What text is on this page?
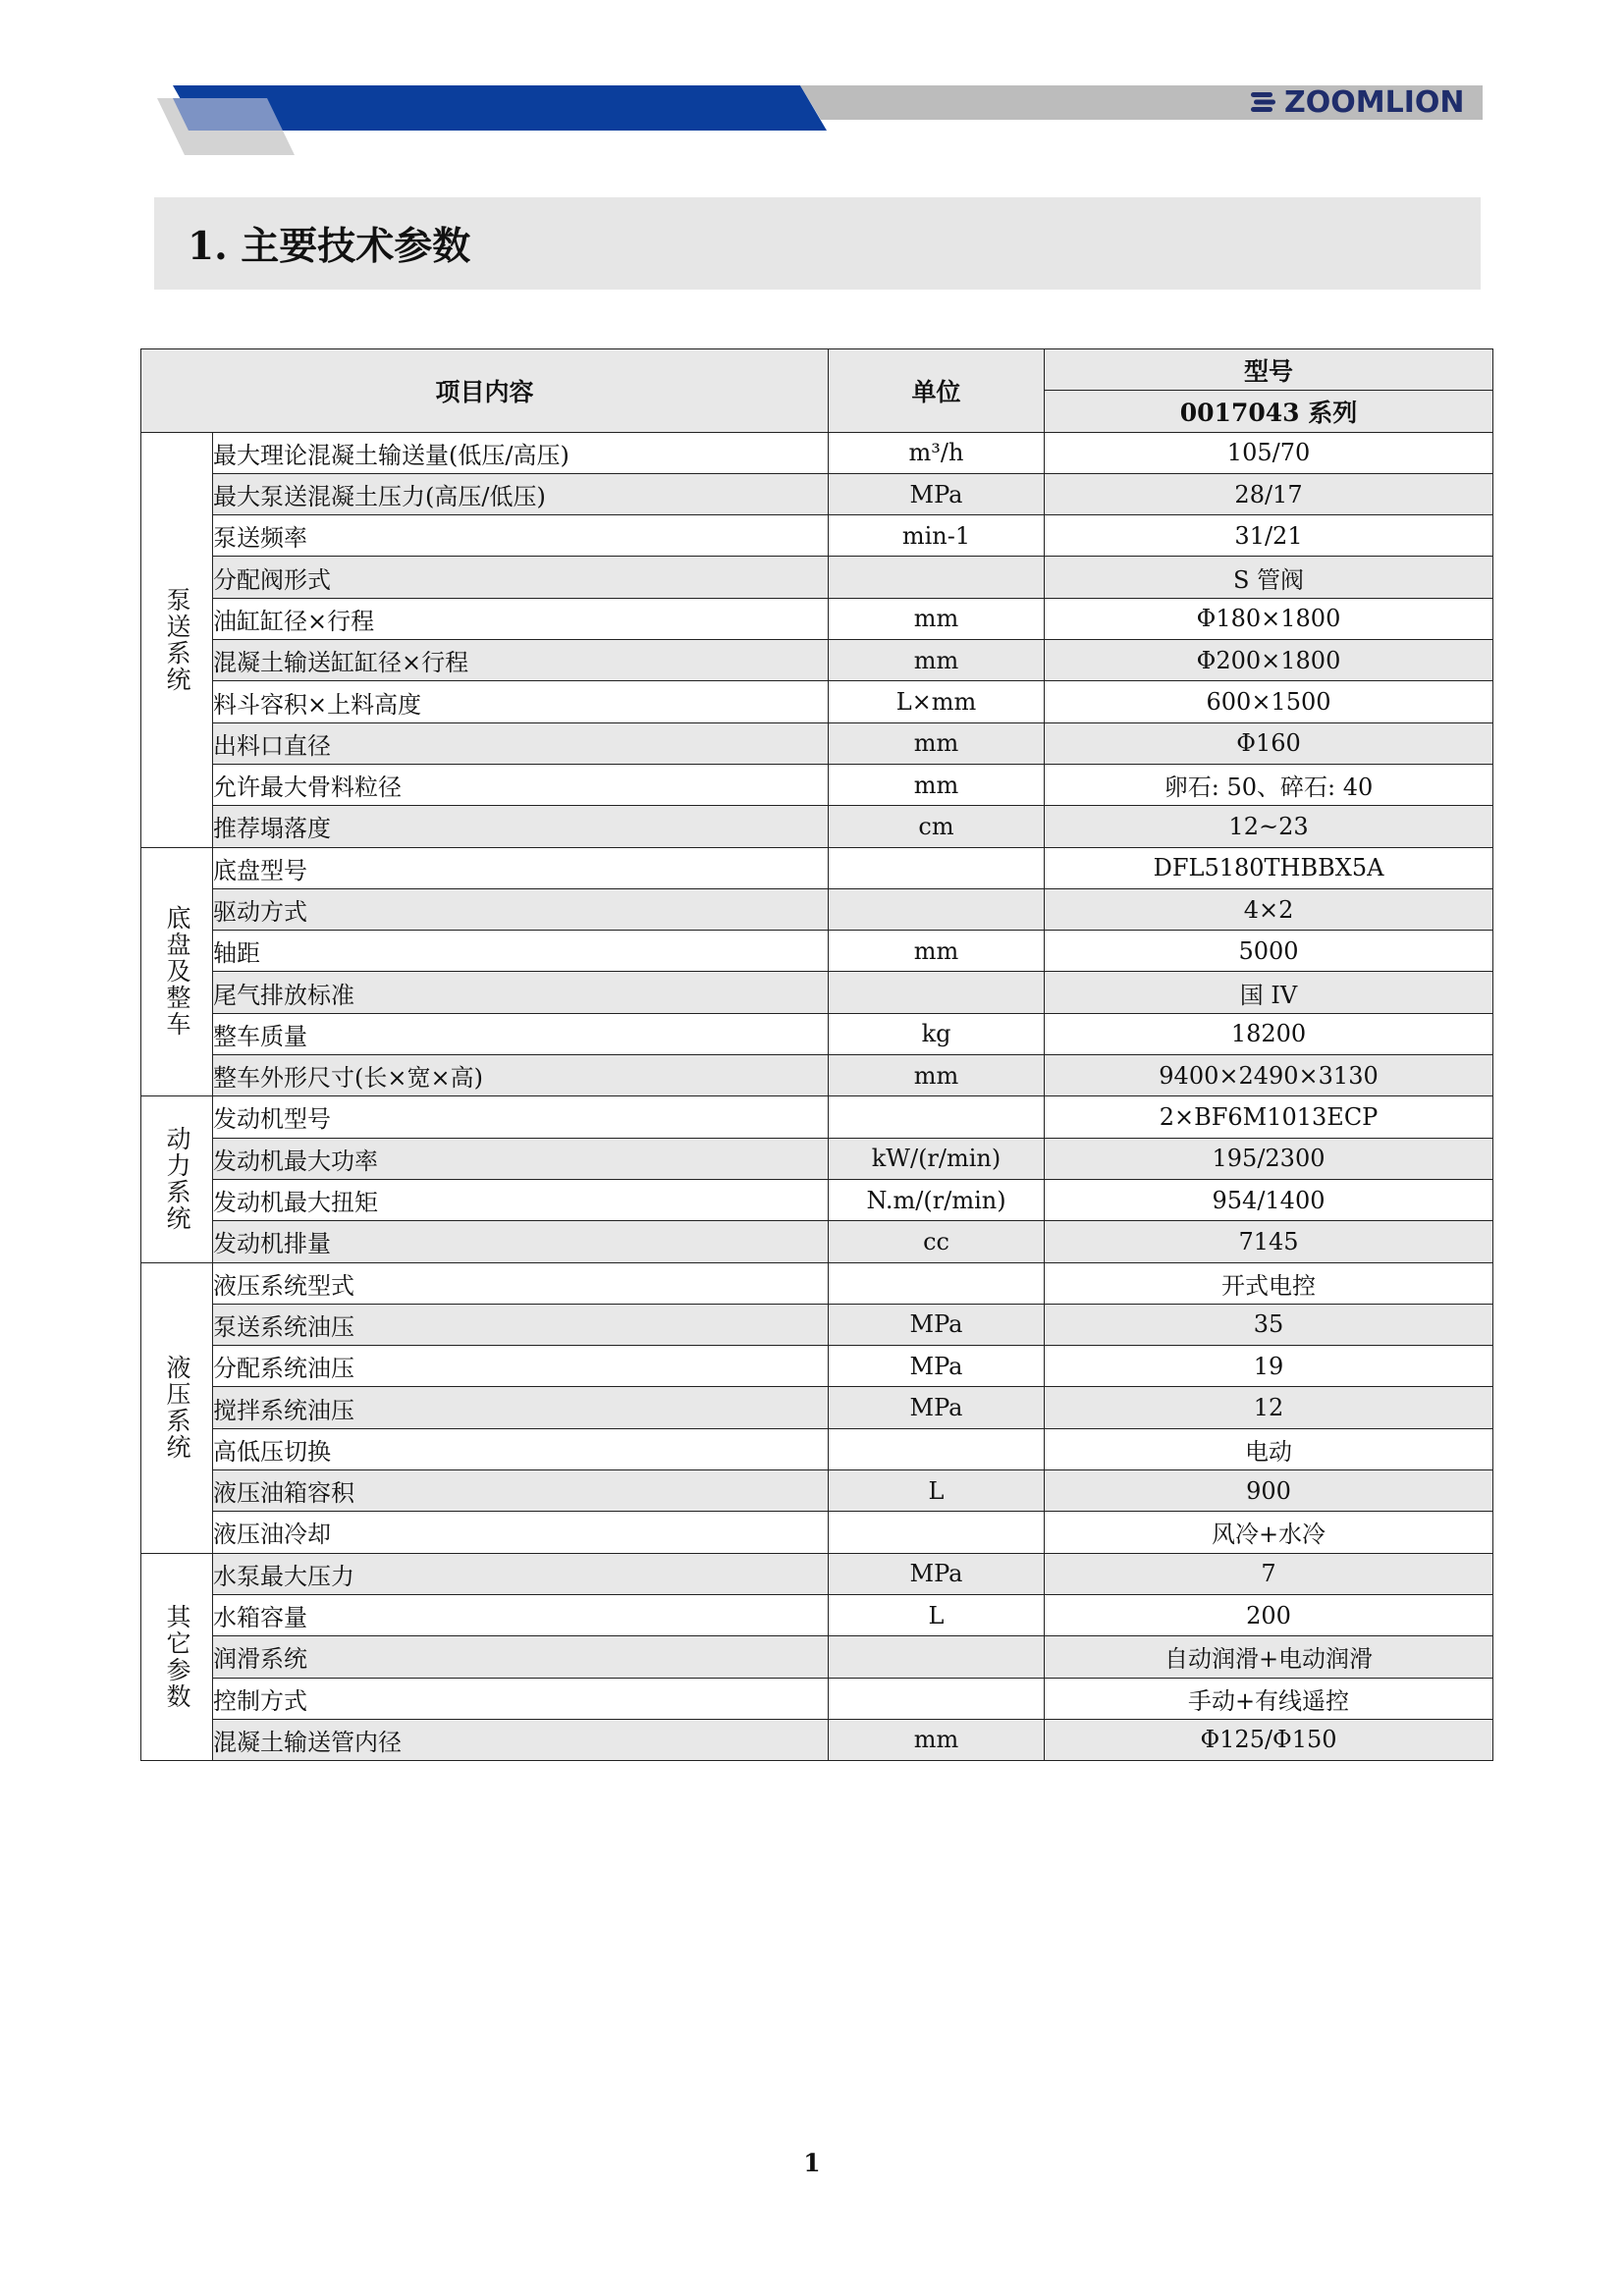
ZOOMLION
1. 主要技术参数
项目内容		单位	型号
			0017043 系列
泵送系统	最大理论混凝土输送量(低压/高压)	m³/h	105/70
	最大泵送混凝土压力(高压/低压)	MPa	28/17
	泵送频率	min-1	31/21
	分配阀形式		S 管阀
	油缸缸径×行程	mm	Φ180×1800
	混凝土输送缸缸径×行程	mm	Φ200×1800
	料斗容积×上料高度	L×mm	600×1500
	出料口直径	mm	Φ160
	允许最大骨料粒径	mm	卵石: 50、碎石: 40
	推荐塌落度	cm	12~23
底盘及整车	底盘型号		DFL5180THBBX5A
	驱动方式		4×2
	轴距	mm	5000
	尾气排放标准		国 IV
	整车质量	kg	18200
	整车外形尺寸(长×宽×高)	mm	9400×2490×3130
动力系统	发动机型号		2×BF6M1013ECP
	发动机最大功率	kW/(r/min)	195/2300
	发动机最大扭矩	N.m/(r/min)	954/1400
	发动机排量	cc	7145
液压系统	液压系统型式		开式电控
	泵送系统油压	MPa	35
	分配系统油压	MPa	19
	搅拌系统油压	MPa	12
	高低压切换		电动
	液压油箱容积	L	900
	液压油冷却		风冷+水冷
其它参数	水泵最大压力	MPa	7
	水箱容量	L	200
	润滑系统		自动润滑+电动润滑
	控制方式		手动+有线遥控
	混凝土输送管内径	mm	Φ125/Φ150
1
